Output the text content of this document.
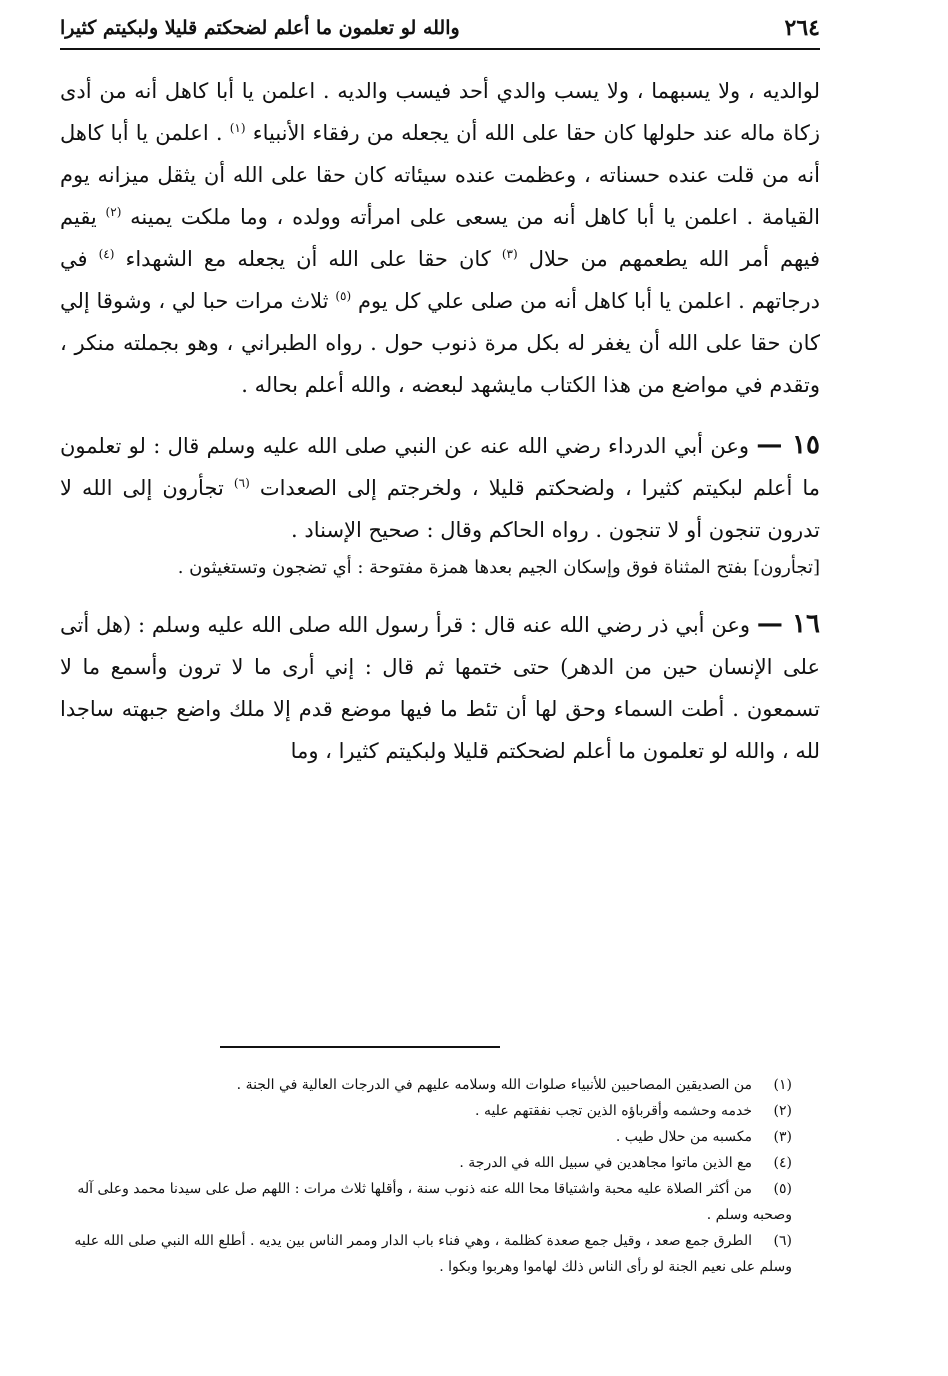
٢٦٤
والله لو تعلمون ما أعلم لضحكتم قليلا ولبكيتم كثيرا

لوالديه ، ولا يسبهما ، ولا يسب والدي أحد فيسب والديه . اعلمن يا أبا كاهل أنه من أدى زكاة ماله عند حلولها كان حقا على الله أن يجعله من رفقاء الأنبياء $^{(١)}$ . اعلمن يا أبا كاهل أنه من قلت عنده حسناته ، وعظمت عنده سيئاته كان حقا على الله أن يثقل ميزانه يوم القيامة . اعلمن يا أبا كاهل أنه من يسعى على امرأته وولده ، وما ملكت يمينه $^{(٢)}$ يقيم فيهم أمر الله يطعمهم من حلال $^{(٣)}$ كان حقا على الله أن يجعله مع الشهداء $^{(٤)}$ في درجاتهم . اعلمن يا أبا كاهل أنه من صلى علي كل يوم $^{(٥)}$ ثلاث مرات حبا لي ، وشوقا إلي كان حقا على الله أن يغفر له بكل مرة ذنوب حول . رواه الطبراني ، وهو بجملته منكر ، وتقدم في مواضع من هذا الكتاب مايشهد لبعضه ، والله أعلم بحاله .

١٥ — وعن أبي الدرداء رضي الله عنه عن النبي صلى الله عليه وسلم قال : لو تعلمون ما أعلم لبكيتم كثيرا ، ولضحكتم قليلا ، ولخرجتم إلى الصعدات $^{(٦)}$ تجأرون إلى الله لا تدرون تنجون أو لا تنجون . رواه الحاكم وقال : صحيح الإسناد .

[تجأرون] بفتح المثناة فوق وإسكان الجيم بعدها همزة مفتوحة : أي تضجون وتستغيثون .

١٦ — وعن أبي ذر رضي الله عنه قال : قرأ رسول الله صلى الله عليه وسلم : (هل أتى على الإنسان حين من الدهر) حتى ختمها ثم قال : إني أرى ما لا ترون وأسمع ما لا تسمعون . أطت السماء وحق لها أن تئط ما فيها موضع قدم إلا ملك واضع جبهته ساجدا لله ، والله لو تعلمون ما أعلم لضحكتم قليلا ولبكيتم كثيرا ، وما

(١)من الصديقين المصاحبين للأنبياء صلوات الله وسلامه عليهم في الدرجات العالية في الجنة .

(٢)خدمه وحشمه وأقرباؤه الذين تجب نفقتهم عليه .

(٣)مكسبه من حلال طيب .

(٤)مع الذين ماتوا مجاهدين في سبيل الله في الدرجة .

(٥)من أكثر الصلاة عليه محبة واشتياقا محا الله عنه ذنوب سنة ، وأقلها ثلاث مرات : اللهم صل على سيدنا محمد وعلى آله وصحبه وسلم .

(٦)الطرق جمع صعد ، وقيل جمع صعدة كظلمة ، وهي فناء باب الدار وممر الناس بين يديه . أطلع الله النبي صلى الله عليه وسلم على نعيم الجنة لو رأى الناس ذلك لهاموا وهربوا وبكوا .
